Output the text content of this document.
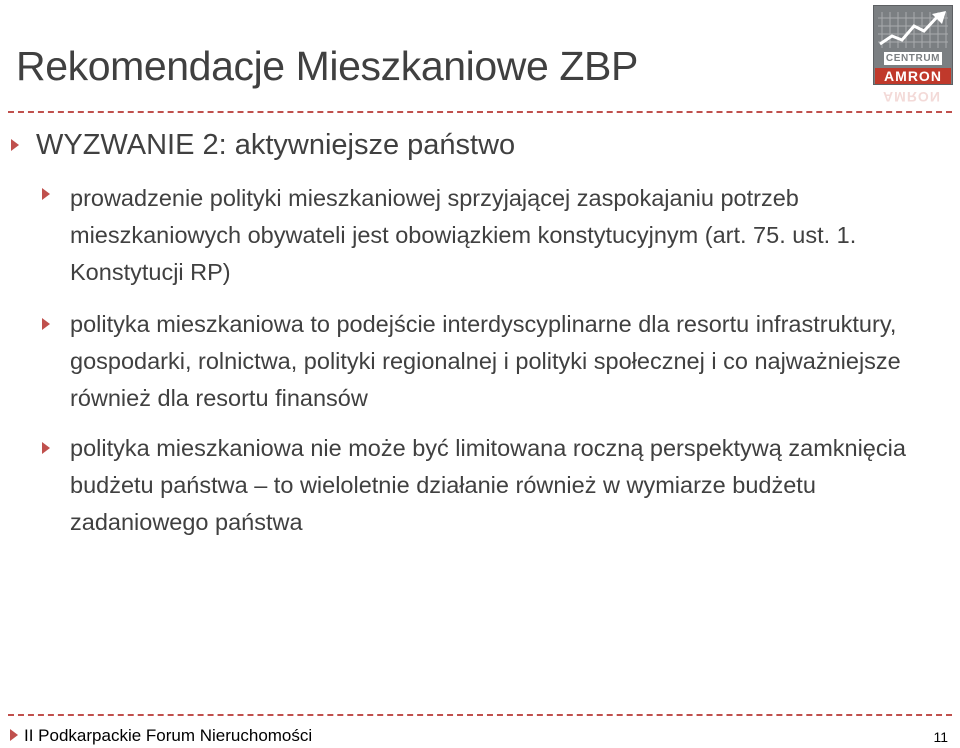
Rekomendacje Mieszkaniowe ZBP	CENTRUM
AMRON
AMRON
WYZWANIE 2: aktywniejsze państwo
prowadzenie polityki mieszkaniowej sprzyjającej zaspokajaniu potrzeb mieszkaniowych obywateli jest obowiązkiem konstytucyjnym (art. 75. ust. 1. Konstytucji RP)
polityka mieszkaniowa to podejście interdyscyplinarne dla resortu infrastruktury, gospodarki, rolnictwa, polityki regionalnej i polityki społecznej i co najważniejsze również dla resortu finansów
polityka mieszkaniowa nie może być limitowana roczną perspektywą zamknięcia budżetu państwa – to wieloletnie działanie również w wymiarze budżetu zadaniowego państwa
II Podkarpackie Forum Nieruchomości	11
